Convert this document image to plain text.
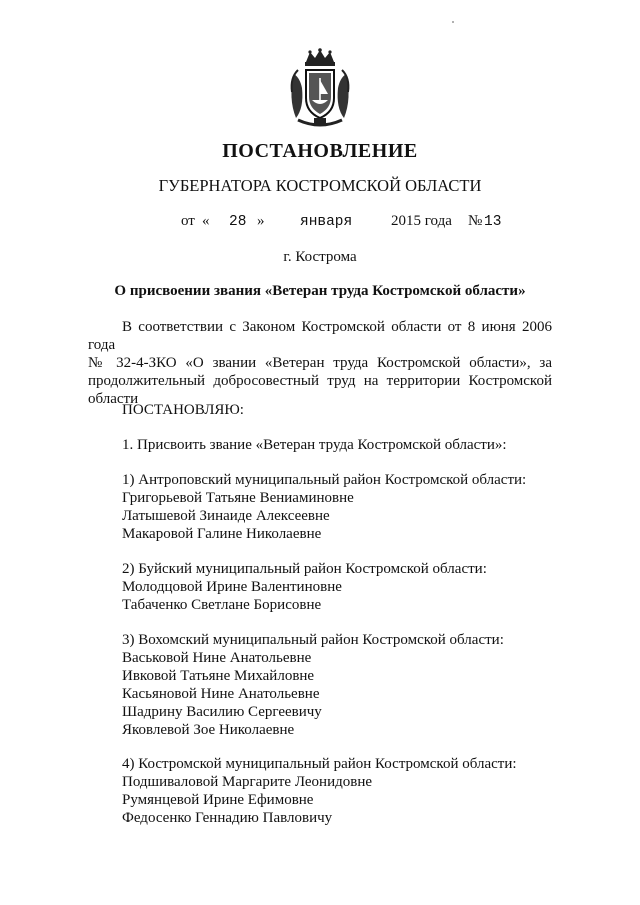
ПОСТАНОВЛЕНИЕ
ГУБЕРНАТОРА КОСТРОМСКОЙ ОБЛАСТИ
от « 28 » января	2015 года № 13
г. Кострома
О присвоении звания «Ветеран труда Костромской области»
В соответствии с Законом Костромской области от 8 июня 2006 года
№ 32-4-ЗКО «О звании «Ветеран труда Костромской области», за
продолжительный добросовестный труд на территории Костромской
области
ПОСТАНОВЛЯЮ:
1. Присвоить звание «Ветеран труда Костромской области»:
1) Антроповский муниципальный район Костромской области:
Григорьевой Татьяне Вениаминовне
Латышевой Зинаиде Алексеевне
Макаровой Галине Николаевне
2) Буйский муниципальный район Костромской области:
Молодцовой Ирине Валентиновне
Табаченко Светлане Борисовне
3) Вохомский муниципальный район Костромской области:
Васьковой Нине Анатольевне
Ивковой Татьяне Михайловне
Касьяновой Нине Анатольевне
Шадрину Василию Сергеевичу
Яковлевой Зое Николаевне
4) Костромской муниципальный район Костромской области:
Подшиваловой Маргарите Леонидовне
Румянцевой Ирине Ефимовне
Федосенко Геннадию Павловичу
